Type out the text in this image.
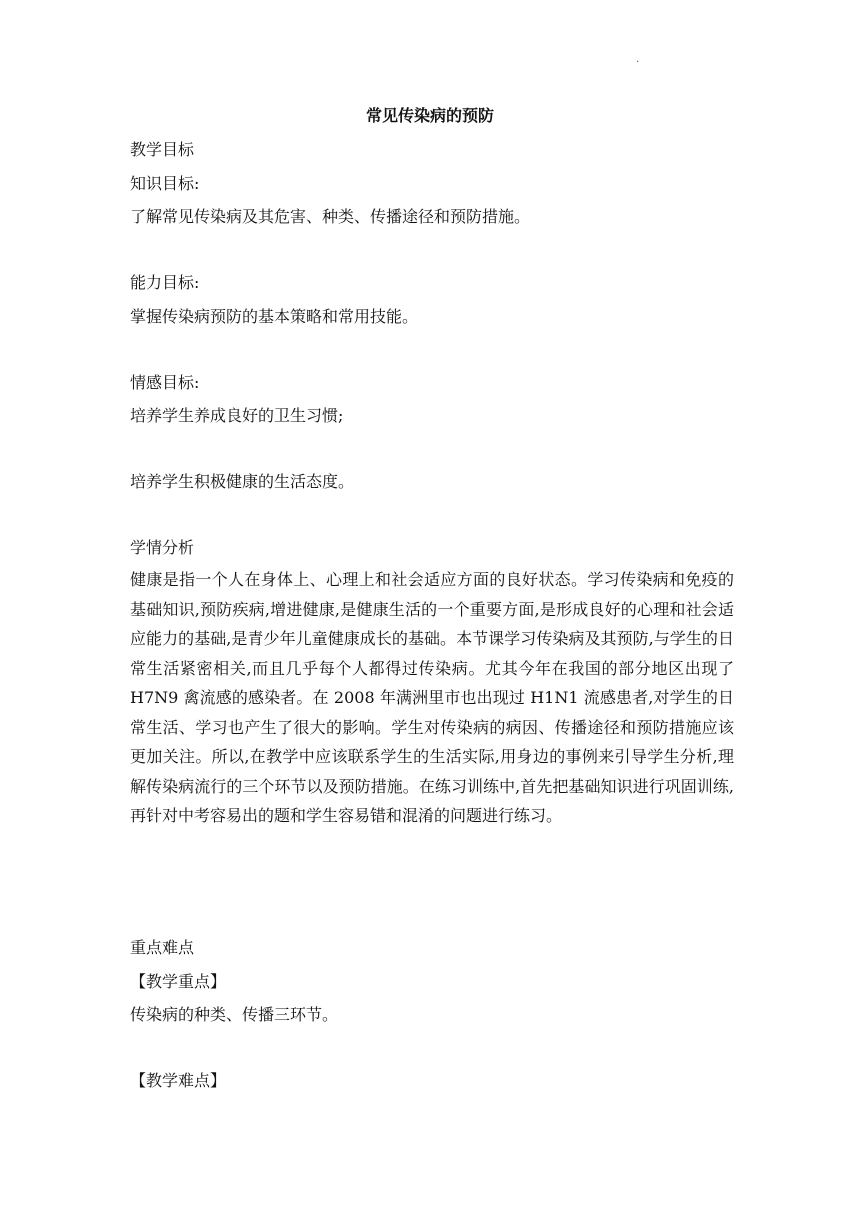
.
常见传染病的预防
教学目标
知识目标:
了解常见传染病及其危害、种类、传播途径和预防措施。
能力目标:
掌握传染病预防的基本策略和常用技能。
情感目标:
培养学生养成良好的卫生习惯;
培养学生积极健康的生活态度。
学情分析
健康是指一个人在身体上、心理上和社会适应方面的良好状态。学习传染病和免疫的基础知识,预防疾病,增进健康,是健康生活的一个重要方面,是形成良好的心理和社会适应能力的基础,是青少年儿童健康成长的基础。本节课学习传染病及其预防,与学生的日常生活紧密相关,而且几乎每个人都得过传染病。尤其今年在我国的部分地区出现了 H7N9 禽流感的感染者。在 2008 年满洲里市也出现过 H1N1 流感患者,对学生的日常生活、学习也产生了很大的影响。学生对传染病的病因、传播途径和预防措施应该更加关注。所以,在教学中应该联系学生的生活实际,用身边的事例来引导学生分析,理解传染病流行的三个环节以及预防措施。在练习训练中,首先把基础知识进行巩固训练,再针对中考容易出的题和学生容易错和混淆的问题进行练习。
重点难点
【教学重点】
传染病的种类、传播三环节。
【教学难点】
